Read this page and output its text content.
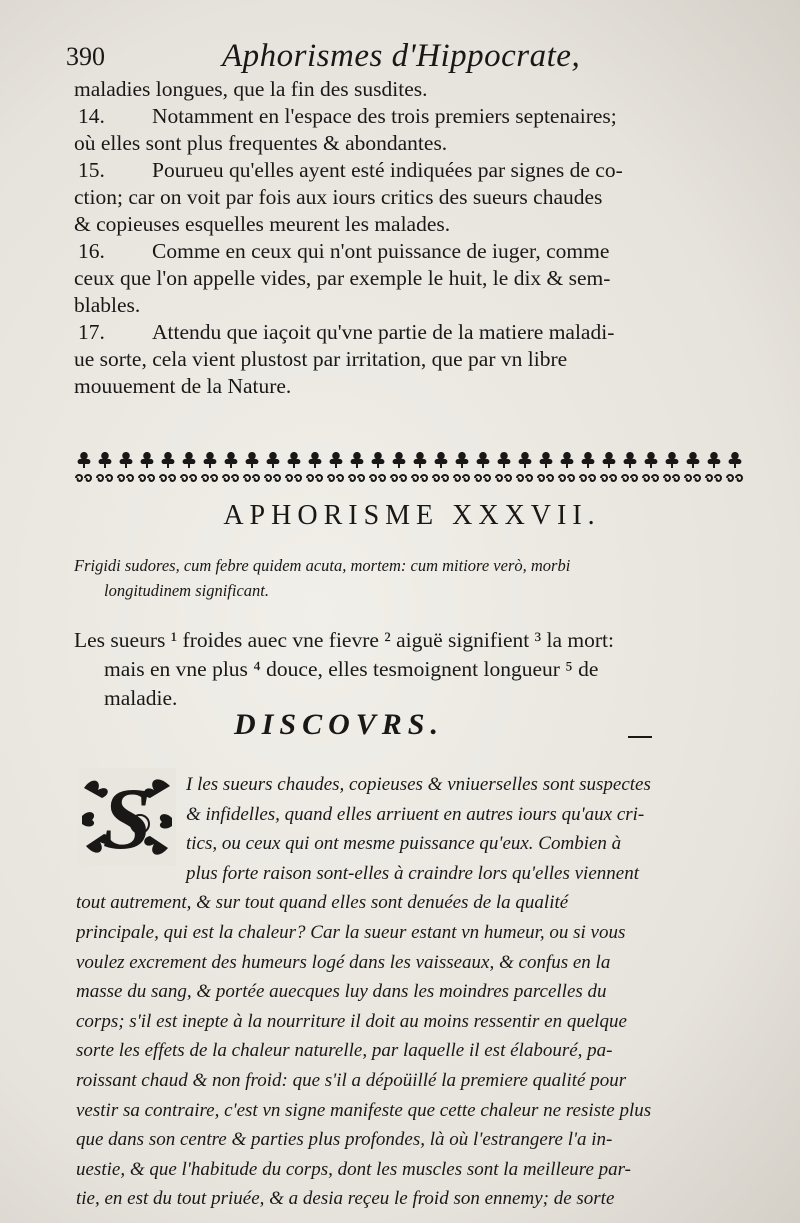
390	Aphorismes d'Hippocrate,
maladies longues, que la fin des susdites.
14. Notamment en l'espace des trois premiers septenaires;
où elles sont plus frequentes & abondantes.
15. Pourueu qu'elles ayent esté indiquées par signes de co-
ction; car on voit par fois aux iours critics des sueurs chaudes
& copieuses esquelles meurent les malades.
16. Comme en ceux qui n'ont puissance de iuger, comme
ceux que l'on appelle vides, par exemple le huit, le dix & sem-
blables.
17. Attendu que iaçoit qu'vne partie de la matiere maladi-
ue sorte, cela vient plustost par irritation, que par vn libre
mouuement de la Nature.
APHORISME XXXVII.
Frigidi sudores, cum febre quidem acuta, mortem: cum mitiore verò, morbi
longitudinem significant.
Les sueurs ¹ froides auec vne fievre ² aiguë signifient ³ la mort:
mais en vne plus ⁴ douce, elles tesmoignent longueur ⁵ de
maladie.
DISCOVRS.
S	I les sueurs chaudes, copieuses & vniuerselles sont suspectes
& infidelles, quand elles arriuent en autres iours qu'aux cri-
tics, ou ceux qui ont mesme puissance qu'eux. Combien à
plus forte raison sont-elles à craindre lors qu'elles viennent
tout autrement, & sur tout quand elles sont denuées de la qualité
principale, qui est la chaleur? Car la sueur estant vn humeur, ou si vous
voulez excrement des humeurs logé dans les vaisseaux, & confus en la
masse du sang, & portée auecques luy dans les moindres parcelles du
corps; s'il est inepte à la nourriture il doit au moins ressentir en quelque
sorte les effets de la chaleur naturelle, par laquelle il est élabouré, pa-
roissant chaud & non froid: que s'il a dépoüillé la premiere qualité pour
vestir sa contraire, c'est vn signe manifeste que cette chaleur ne resiste plus
que dans son centre & parties plus profondes, là où l'estrangere l'a in-
uestie, & que l'habitude du corps, dont les muscles sont la meilleure par-
tie, en est du tout priuée, & a desia reçeu le froid son ennemy; de sorte
